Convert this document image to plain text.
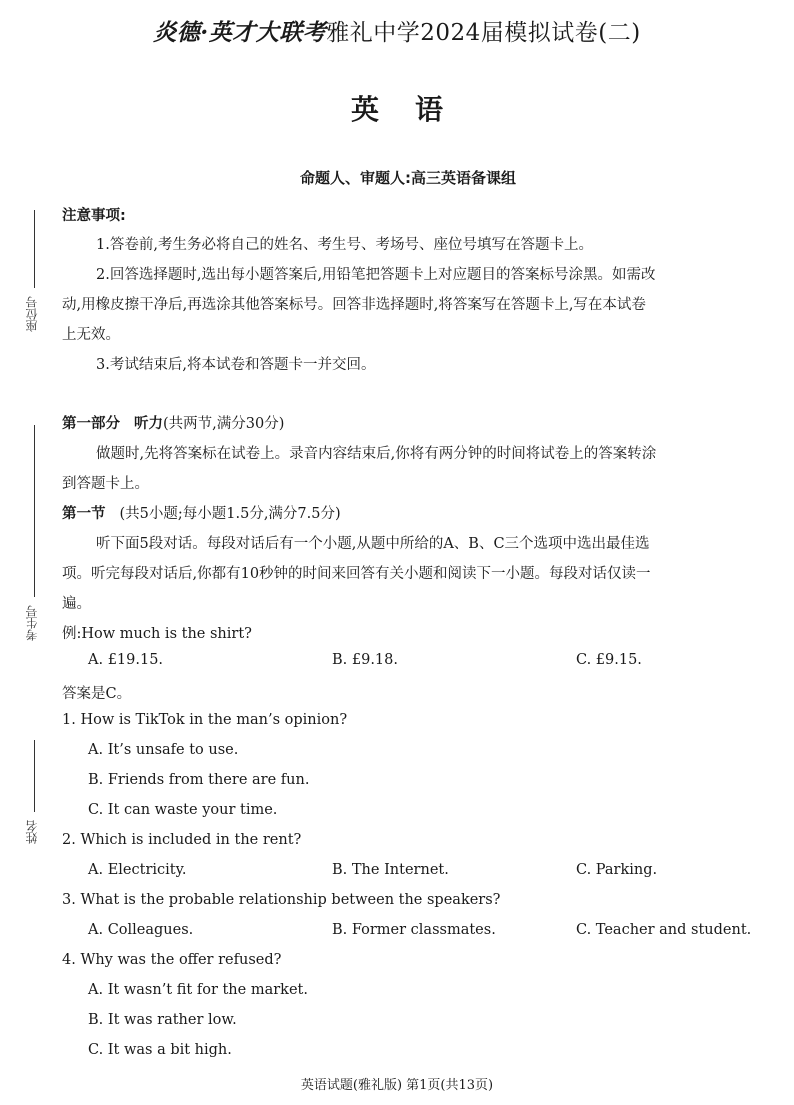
炎德·英才大联考雅礼中学2024届模拟试卷(二)
英语
命题人、审题人:高三英语备课组
座位号
考生号
姓名
注意事项:
1.答卷前,考生务必将自己的姓名、考生号、考场号、座位号填写在答题卡上。
2.回答选择题时,选出每小题答案后,用铅笔把答题卡上对应题目的答案标号涂黑。如需改
动,用橡皮擦干净后,再选涂其他答案标号。回答非选择题时,将答案写在答题卡上,写在本试卷
上无效。
3.考试结束后,将本试卷和答题卡一并交回。
第一部分 听力(共两节,满分30分)
做题时,先将答案标在试卷上。录音内容结束后,你将有两分钟的时间将试卷上的答案转涂
到答题卡上。
第一节 (共5小题;每小题1.5分,满分7.5分)
听下面5段对话。每段对话后有一个小题,从题中所给的A、B、C三个选项中选出最佳选
项。听完每段对话后,你都有10秒钟的时间来回答有关小题和阅读下一小题。每段对话仅读一
遍。
例:How much is the shirt?
A. £19.15.	B. £9.18.	C. £9.15.
答案是C。
1. How is TikTok in the man’s opinion?
A. It’s unsafe to use.
B. Friends from there are fun.
C. It can waste your time.
2. Which is included in the rent?
A. Electricity.	B. The Internet.	C. Parking.
3. What is the probable relationship between the speakers?
A. Colleagues.	B. Former classmates.	C. Teacher and student.
4. Why was the offer refused?
A. It wasn’t fit for the market.
B. It was rather low.
C. It was a bit high.
英语试题(雅礼版) 第1页(共13页)
